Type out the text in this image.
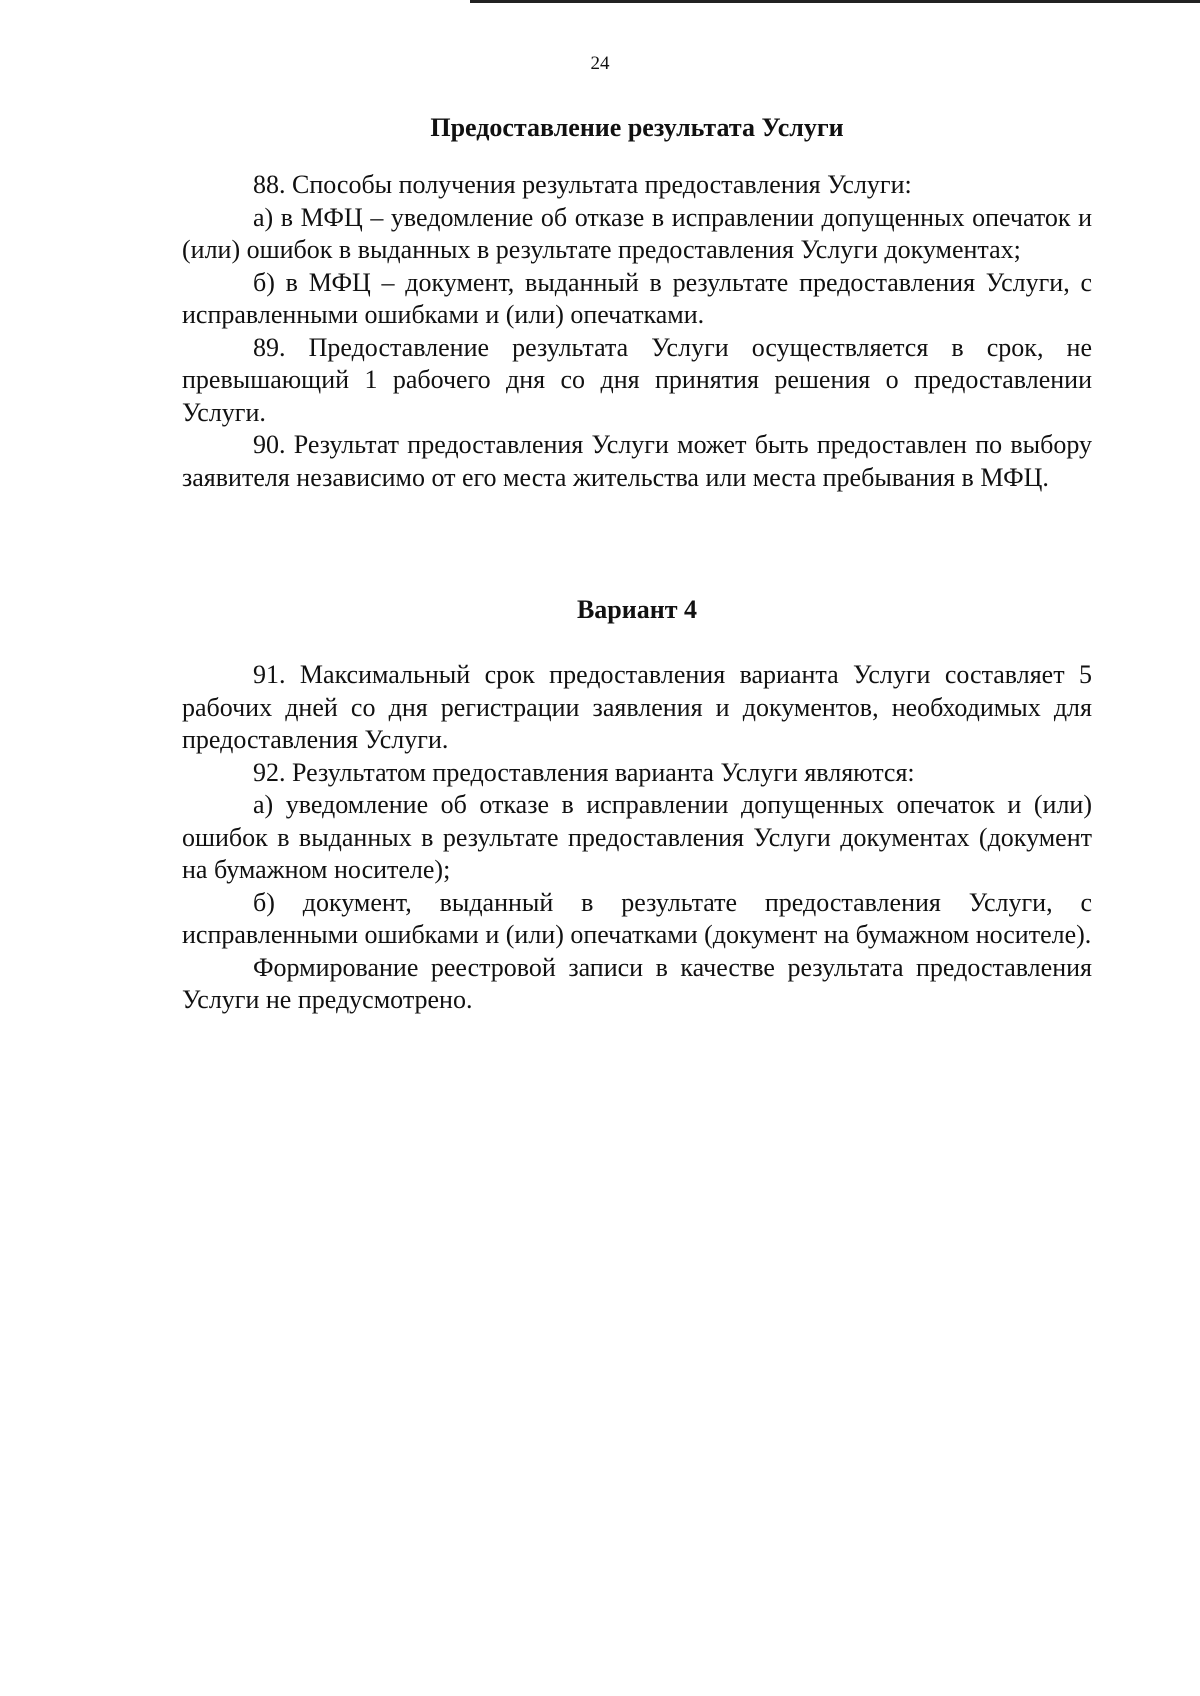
24
Предоставление результата Услуги

88. Способы получения результата предоставления Услуги:

а) в МФЦ – уведомление об отказе в исправлении допущенных опечаток и (или) ошибок в выданных в результате предоставления Услуги документах;

б) в МФЦ – документ, выданный в результате предоставления Услуги, с исправленными ошибками и (или) опечатками.

89. Предоставление результата Услуги осуществляется в срок, не превышающий 1 рабочего дня со дня принятия решения о предоставлении Услуги.

90. Результат предоставления Услуги может быть предоставлен по выбору заявителя независимо от его места жительства или места пребывания в МФЦ.

Вариант 4

91. Максимальный срок предоставления варианта Услуги составляет 5 рабочих дней со дня регистрации заявления и документов, необходимых для предоставления Услуги.

92. Результатом предоставления варианта Услуги являются:

а) уведомление об отказе в исправлении допущенных опечаток и (или) ошибок в выданных в результате предоставления Услуги документах (документ на бумажном носителе);

б) документ, выданный в результате предоставления Услуги, с исправленными ошибками и (или) опечатками (документ на бумажном носителе).

Формирование реестровой записи в качестве результата предоставления Услуги не предусмотрено.
